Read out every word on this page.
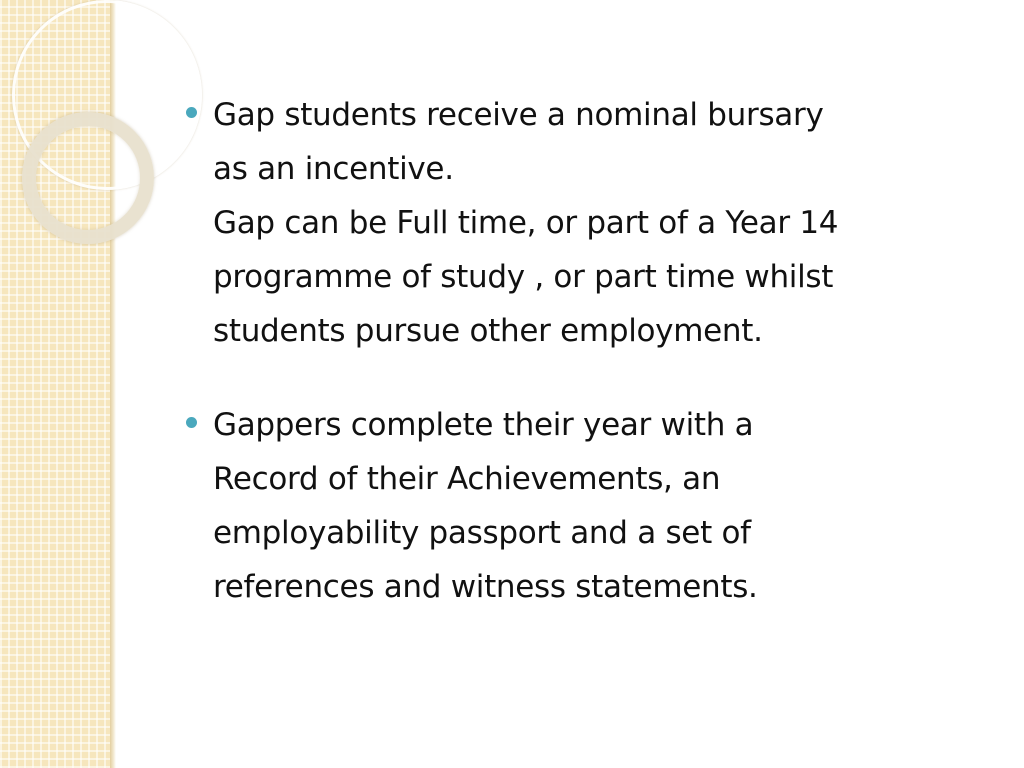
Gap students receive a nominal bursary
as an incentive.
Gap can be Full time, or part of a Year 14
programme of study , or part time whilst
students pursue other employment.
Gappers complete their year with a
Record of their Achievements, an
employability passport and a set of
references and witness statements.
